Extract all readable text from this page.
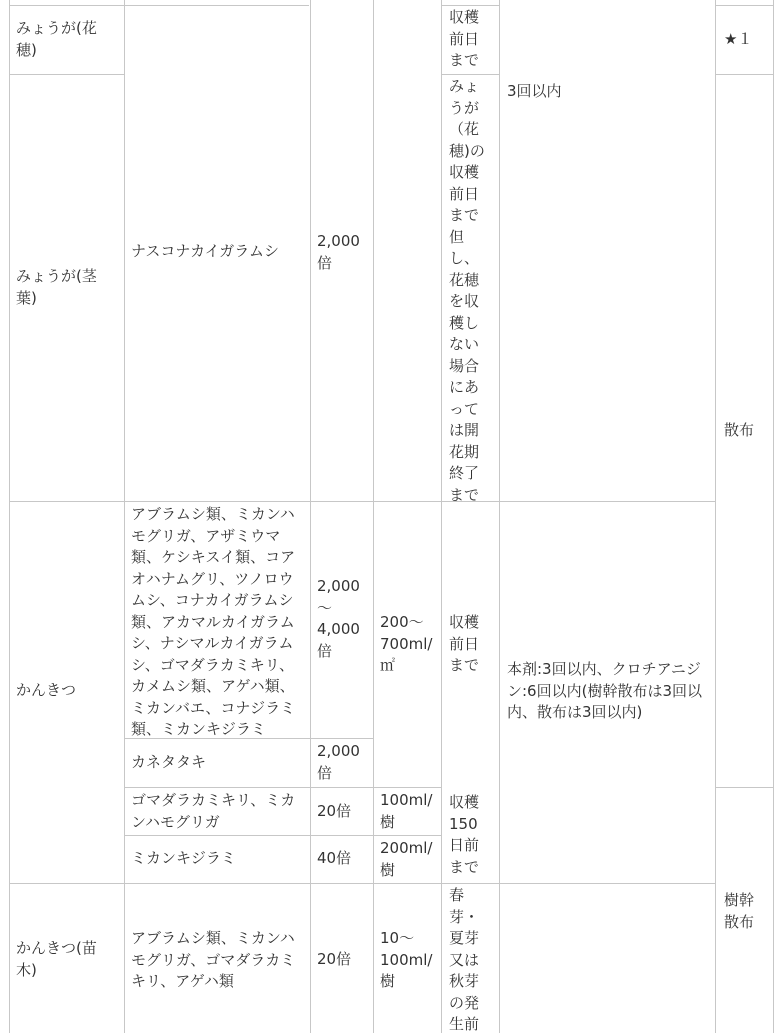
みょうが(花
穂)
収穫
前日
まで
★１
ナスコナカイガラムシ
2,000
倍
3回以内
みょうが(茎
葉)
みょ
うが
（花
穂)の
収穫
前日
まで
但
し、
花穂
を収
穫し
ない
場合
にあ
って
は開
花期
終了
まで
散布
かんきつ
アブラムシ類、ミカンハ
モグリガ、アザミウマ
類、ケシキスイ類、コア
オハナムグリ、ツノロウ
ムシ、コナカイガラムシ
類、アカマルカイガラム
シ、ナシマルカイガラム
シ、ゴマダラカミキリ、
カメムシ類、アゲハ類、
ミカンバエ、コナジラミ
類、ミカンキジラミ
2,000
～
4,000
倍
200～
700ml/
㎡
収穫
前日
まで	本剤:3回以内、クロチアニジ
ン:6回以内(樹幹散布は3回以
内、散布は3回以内)
カネタタキ
2,000
倍
ゴマダラカミキリ、ミカ
ンハモグリガ
20倍
100ml/
樹
収穫
150
日前
まで
ミカンキジラミ	40倍
200ml/
樹
樹幹
散布
かんきつ(苗
木)
アブラムシ類、ミカンハ
モグリガ、ゴマダラカミ
キリ、アゲハ類
20倍
10～
100ml/
樹
春
芽・
夏芽
又は
秋芽
の発
生前
